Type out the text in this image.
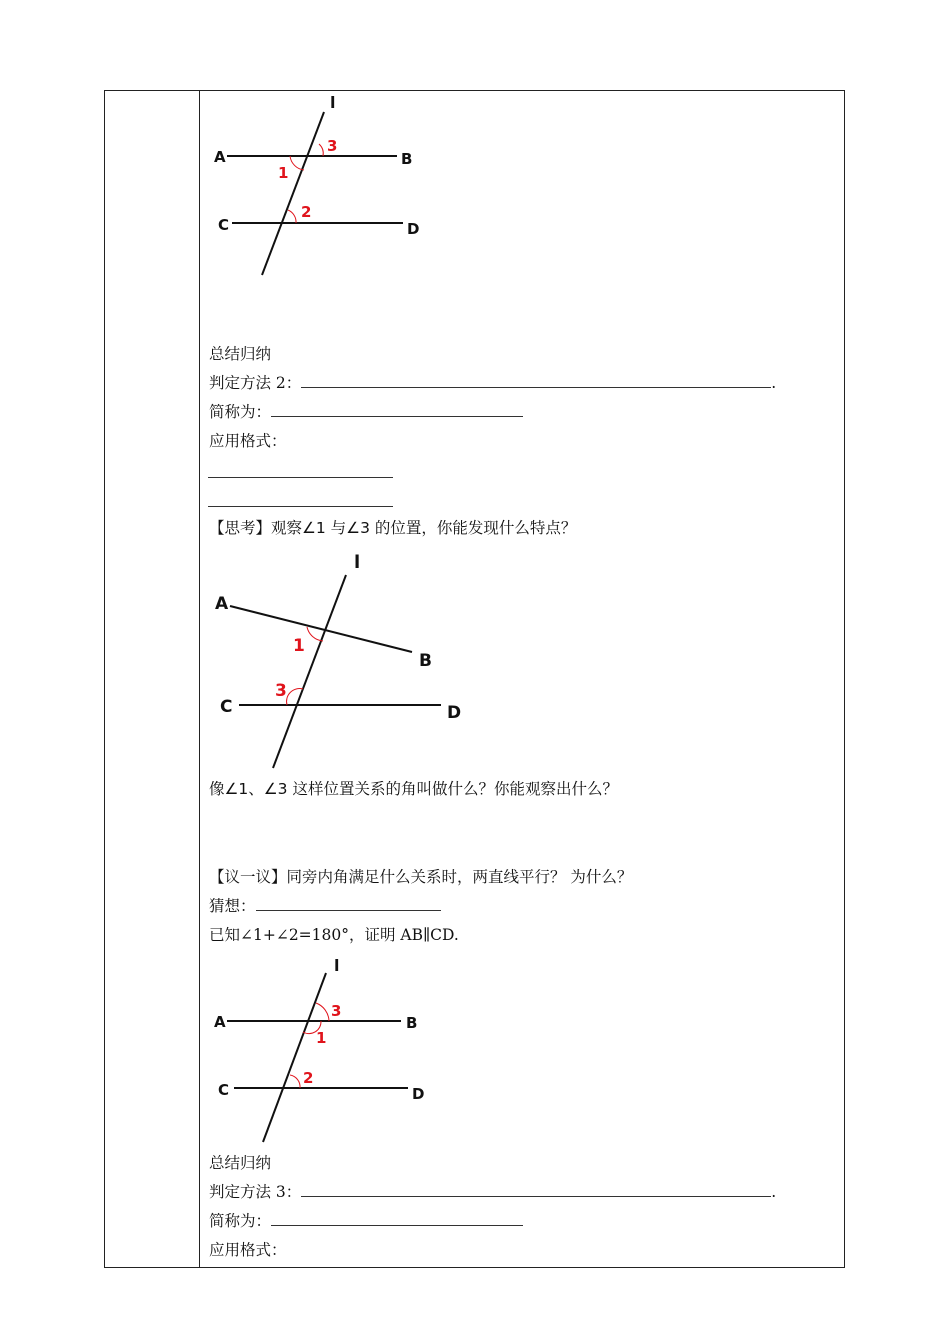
l
A	B
C	D
1
3
2
总结归纳
判定方法 2：	.
简称为：
应用格式：
【思考】观察∠1 与∠3 的位置，你能发现什么特点？
l
A
B
C	D
1
3
像∠1、∠3 这样位置关系的角叫做什么？你能观察出什么？
【议一议】同旁内角满足什么关系时，两直线平行？ 为什么？
猜想：
已知∠1+∠2=180°，证明 AB∥CD.
l
A	B
C	D
3
1
2
总结归纳
判定方法 3：	.
简称为：
应用格式：
